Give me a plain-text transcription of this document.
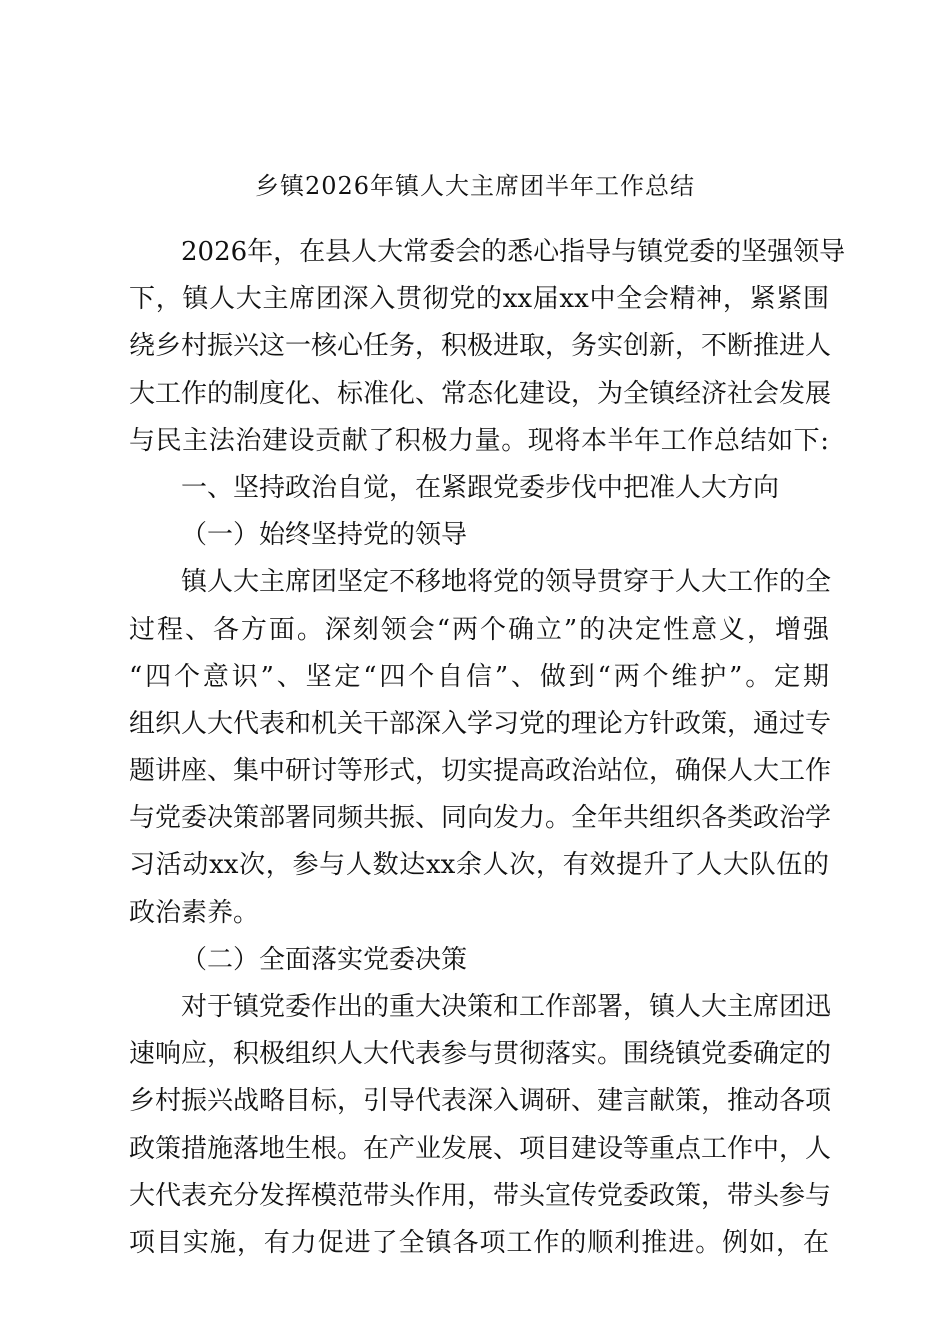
乡镇2026年镇人大主席团半年工作总结
2026年，在县人大常委会的悉心指导与镇党委的坚强领导
下，镇人大主席团深入贯彻党的xx届xx中全会精神，紧紧围
绕乡村振兴这一核心任务，积极进取，务实创新，不断推进人
大工作的制度化、标准化、常态化建设，为全镇经济社会发展
与民主法治建设贡献了积极力量。现将本半年工作总结如下:
一、坚持政治自觉，在紧跟党委步伐中把准人大方向
（一）始终坚持党的领导
镇人大主席团坚定不移地将党的领导贯穿于人大工作的全
过程、各方面。深刻领会“两个确立”的决定性意义，增强
“四个意识”、坚定“四个自信”、做到“两个维护”。定期
组织人大代表和机关干部深入学习党的理论方针政策，通过专
题讲座、集中研讨等形式，切实提高政治站位，确保人大工作
与党委决策部署同频共振、同向发力。全年共组织各类政治学
习活动xx次，参与人数达xx余人次，有效提升了人大队伍的
政治素养。
（二）全面落实党委决策
对于镇党委作出的重大决策和工作部署，镇人大主席团迅
速响应，积极组织人大代表参与贯彻落实。围绕镇党委确定的
乡村振兴战略目标，引导代表深入调研、建言献策，推动各项
政策措施落地生根。在产业发展、项目建设等重点工作中，人
大代表充分发挥模范带头作用，带头宣传党委政策，带头参与
项目实施，有力促进了全镇各项工作的顺利推进。例如，在
